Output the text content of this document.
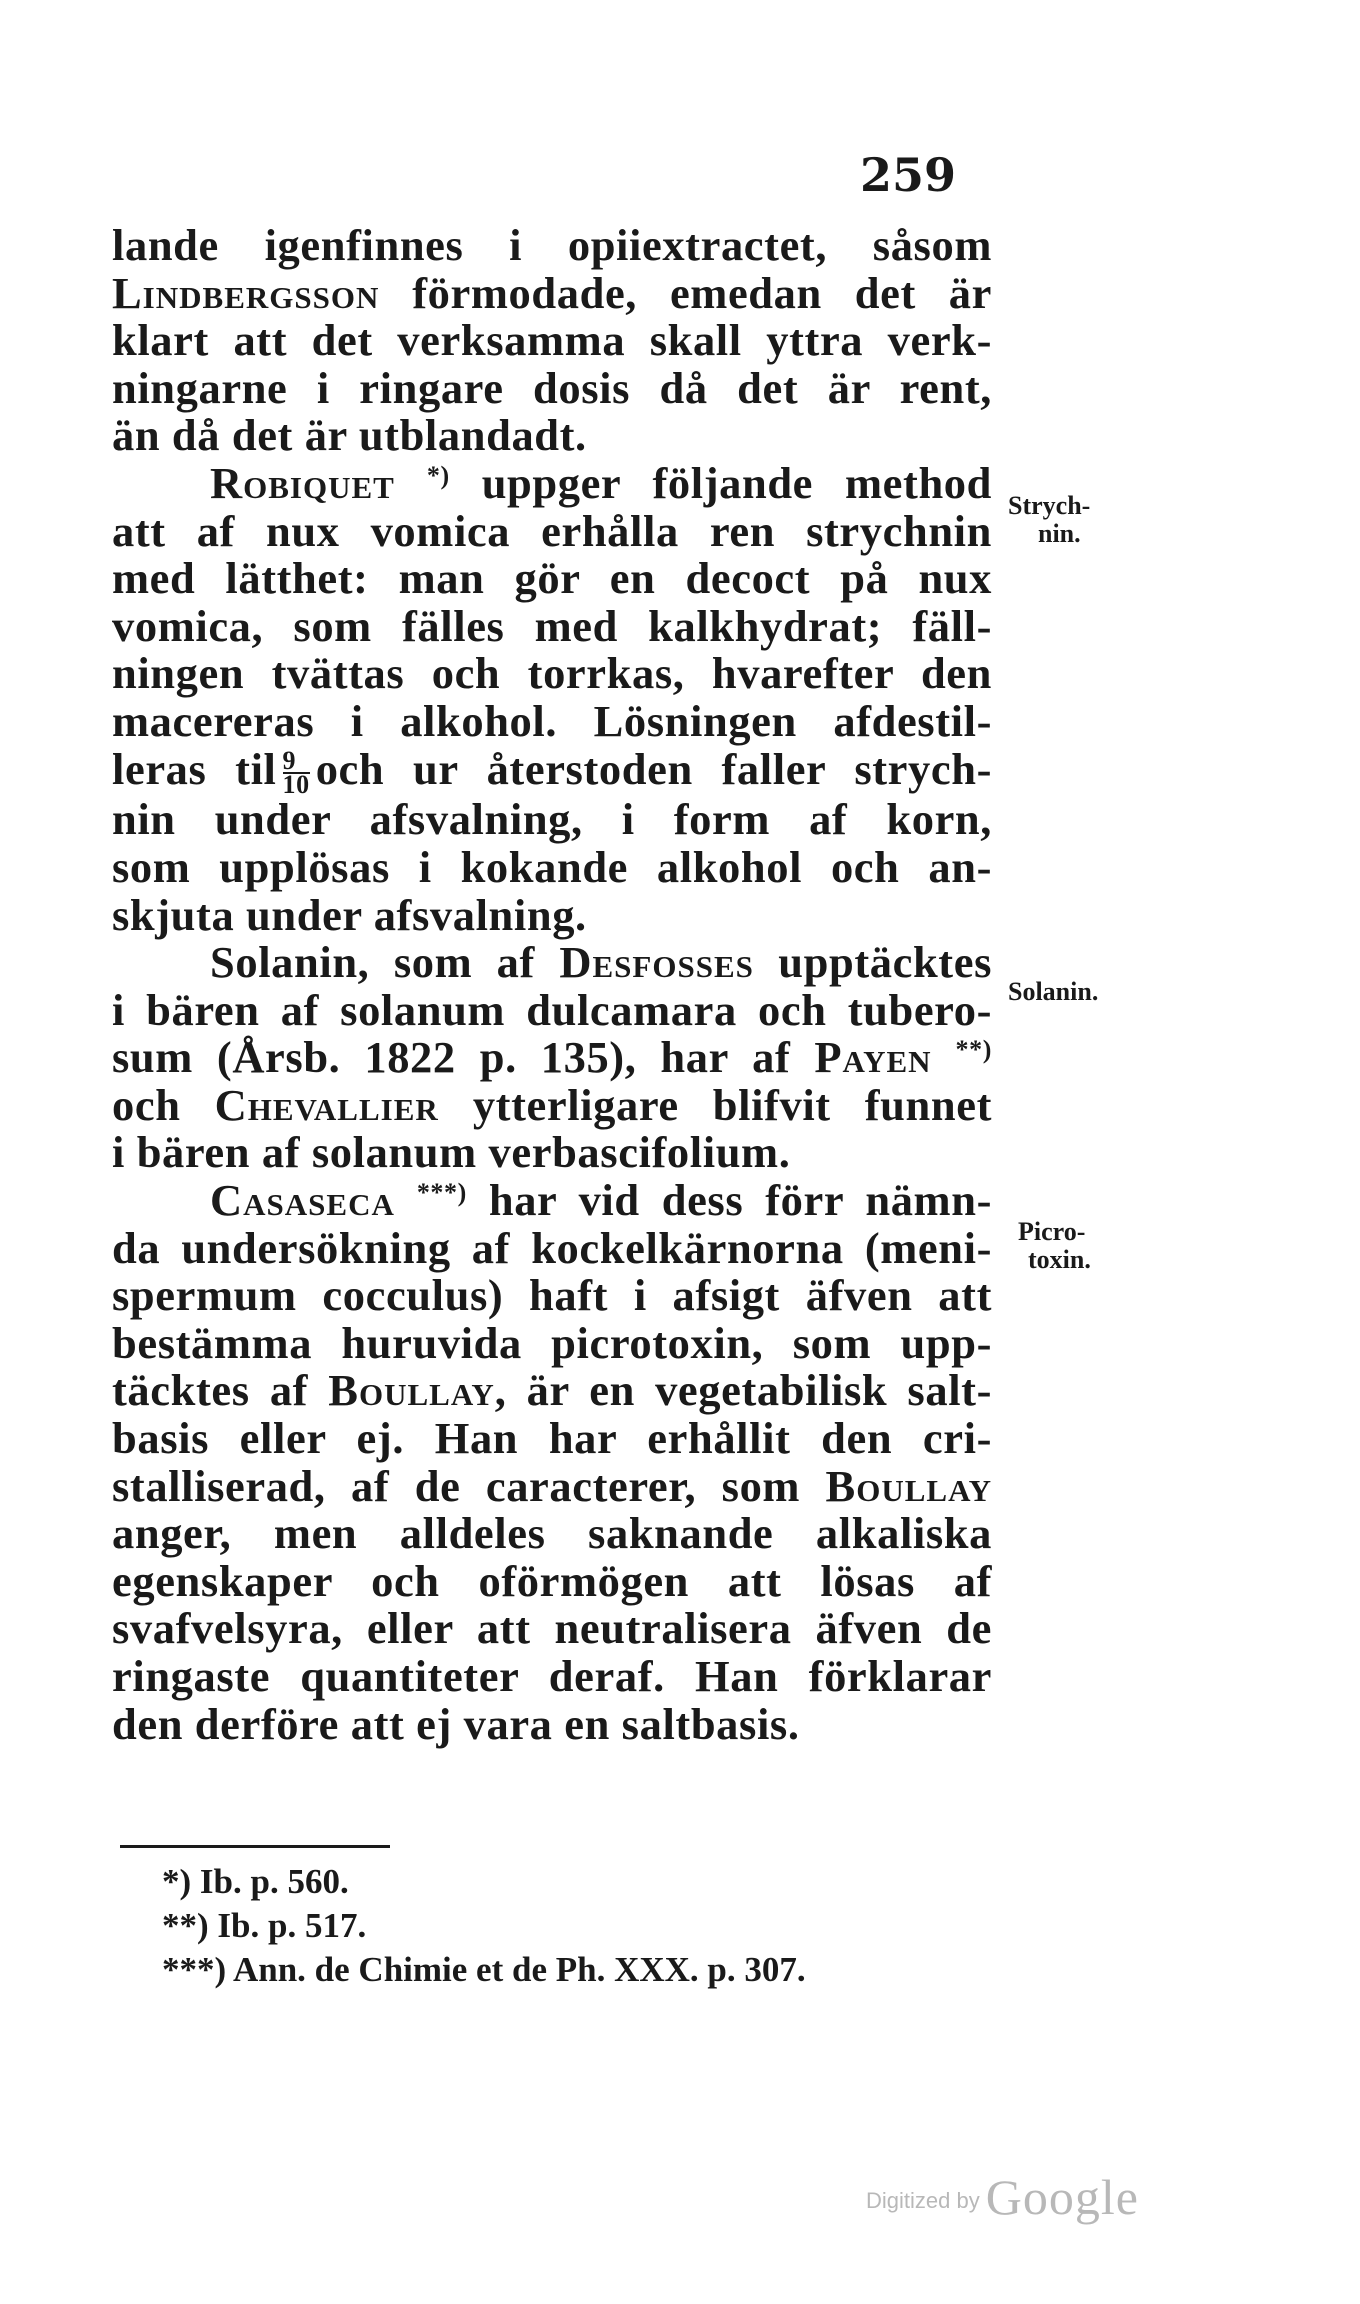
259
lande igenfinnes i opiiextractet, såsom
Lindbergsson förmodade, emedan det är
klart att det verksamma skall yttra verk-
ningarne i ringare dosis då det är rent,
än då det är utblandadt.
Robiquet *) uppger följande method
att af nux vomica erhålla ren strychnin
med lätthet: man gör en decoct på nux
vomica, som fälles med kalkhydrat; fäll-
ningen tvättas och torrkas, hvarefter den
macereras i alkohol. Lösningen afdestil-
leras til $\frac{9}{10}$ och ur återstoden faller strych-
nin under afsvalning, i form af korn,
som upplösas i kokande alkohol och an-
skjuta under afsvalning.
Solanin, som af Desfosses upptäcktes
i bären af solanum dulcamara och tubero-
sum (Årsb. 1822 p. 135), har af Payen **)
och Chevallier ytterligare blifvit funnet
i bären af solanum verbascifolium.
Casaseca ***) har vid dess förr nämn-
da undersökning af kockelkärnorna (meni-
spermum cocculus) haft i afsigt äfven att
bestämma huruvida picrotoxin, som upp-
täcktes af Boullay, är en vegetabilisk salt-
basis eller ej. Han har erhållit den cri-
stalliserad, af de caracterer, som Boullay
anger, men alldeles saknande alkaliska
egenskaper och oförmögen att lösas af
svafvelsyra, eller att neutralisera äfven de
ringaste quantiteter deraf. Han förklarar
den derföre att ej vara en saltbasis.
Strych-
nin.
Solanin.
Picro-
toxin.
*) Ib. p. 560.
**) Ib. p. 517.
***) Ann. de Chimie et de Ph. XXX. p. 307.
Digitized by Google
